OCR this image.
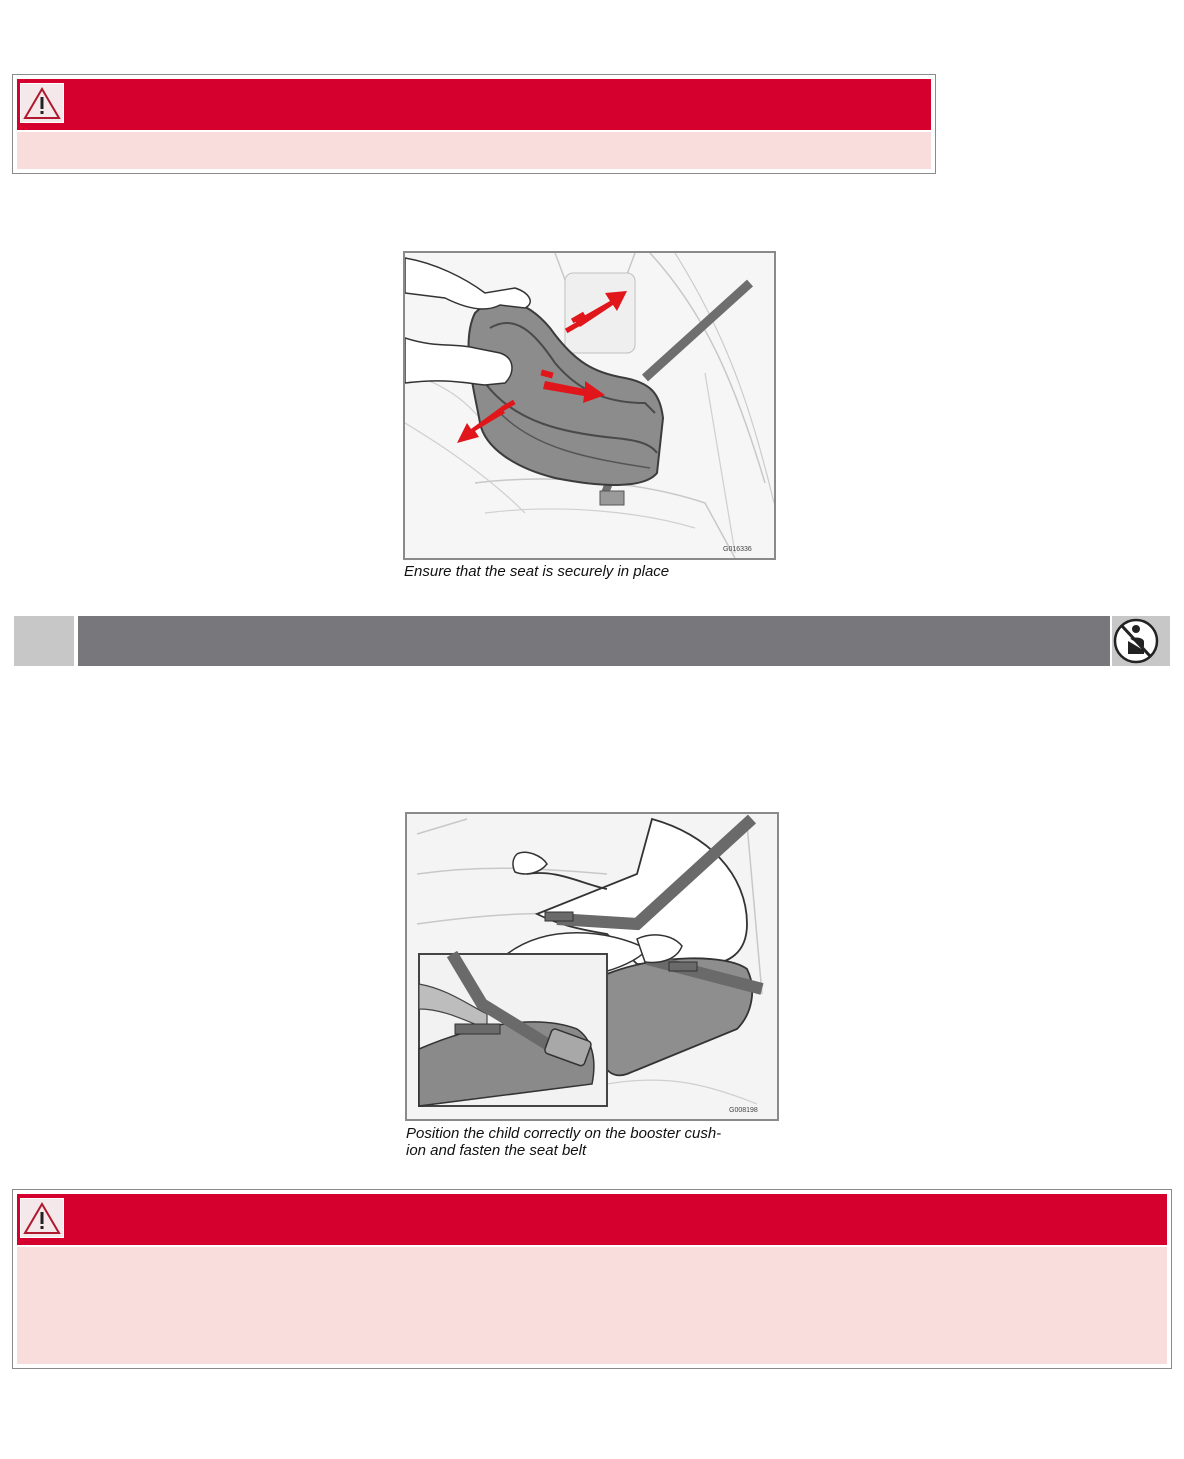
G016336
Ensure that the seat is securely in place
G008198
Position the child correctly on the booster cush-
ion and fasten the seat belt
